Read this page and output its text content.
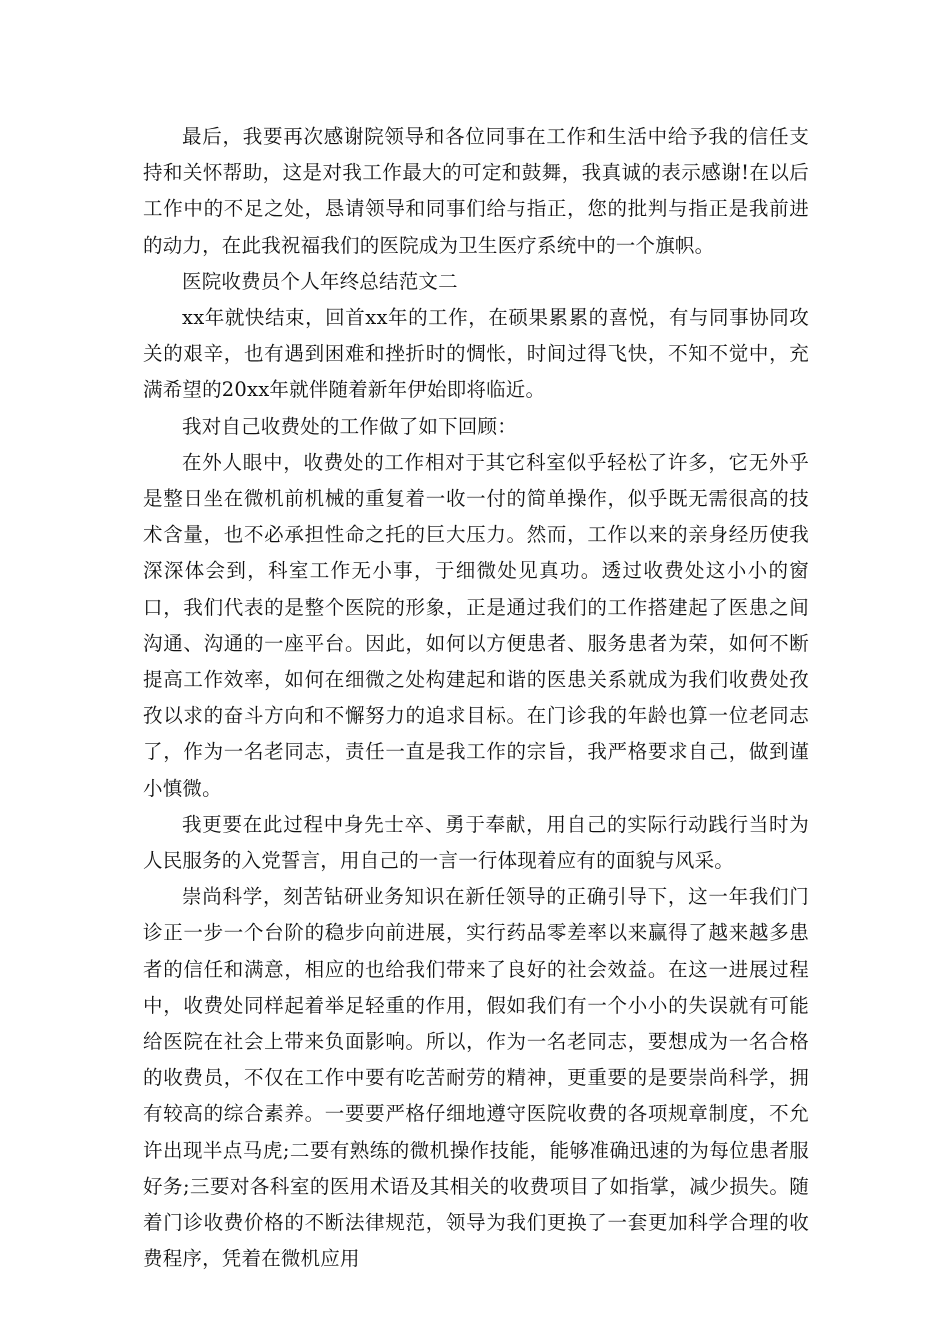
最后，我要再次感谢院领导和各位同事在工作和生活中给予我的信任支持和关怀帮助，这是对我工作最大的可定和鼓舞，我真诚的表示感谢!在以后工作中的不足之处，恳请领导和同事们给与指正，您的批判与指正是我前进的动力，在此我祝福我们的医院成为卫生医疗系统中的一个旗帜。

医院收费员个人年终总结范文二

xx年就快结束，回首xx年的工作，在硕果累累的喜悦，有与同事协同攻关的艰辛，也有遇到困难和挫折时的惆怅，时间过得飞快，不知不觉中，充满希望的20xx年就伴随着新年伊始即将临近。

我对自己收费处的工作做了如下回顾：

在外人眼中，收费处的工作相对于其它科室似乎轻松了许多，它无外乎是整日坐在微机前机械的重复着一收一付的简单操作，似乎既无需很高的技术含量，也不必承担性命之托的巨大压力。然而，工作以来的亲身经历使我深深体会到，科室工作无小事，于细微处见真功。透过收费处这小小的窗口，我们代表的是整个医院的形象，正是通过我们的工作搭建起了医患之间沟通、沟通的一座平台。因此，如何以方便患者、服务患者为荣，如何不断提高工作效率，如何在细微之处构建起和谐的医患关系就成为我们收费处孜孜以求的奋斗方向和不懈努力的追求目标。在门诊我的年龄也算一位老同志了，作为一名老同志，责任一直是我工作的宗旨，我严格要求自己，做到谨小慎微。

我更要在此过程中身先士卒、勇于奉献，用自己的实际行动践行当时为人民服务的入党誓言，用自己的一言一行体现着应有的面貌与风采。

崇尚科学，刻苦钻研业务知识在新任领导的正确引导下，这一年我们门诊正一步一个台阶的稳步向前进展，实行药品零差率以来赢得了越来越多患者的信任和满意，相应的也给我们带来了良好的社会效益。在这一进展过程中，收费处同样起着举足轻重的作用，假如我们有一个小小的失误就有可能给医院在社会上带来负面影响。所以，作为一名老同志，要想成为一名合格的收费员，不仅在工作中要有吃苦耐劳的精神，更重要的是要崇尚科学，拥有较高的综合素养。一要要严格仔细地遵守医院收费的各项规章制度，不允许出现半点马虎;二要有熟练的微机操作技能，能够准确迅速的为每位患者服好务;三要对各科室的医用术语及其相关的收费项目了如指掌，减少损失。随着门诊收费价格的不断法律规范，领导为我们更换了一套更加科学合理的收费程序，凭着在微机应用
